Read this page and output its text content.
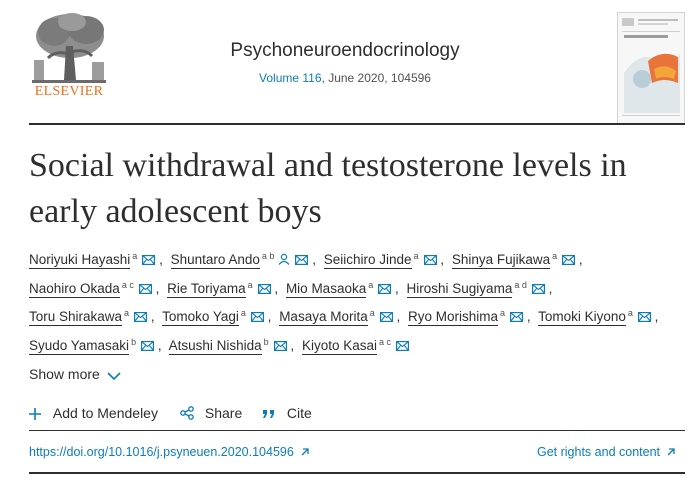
ELSEVIER
Psychoneuroendocrinology
Volume 116, June 2020, 104596
Social withdrawal and testosterone levels in early adolescent boys
Noriyuki Hayashi $^a$ , Shuntaro Ando $^{a b}$	, Seiichiro Jinde $^a$ , Shinya Fujikawa $^a$ ,
Naohiro Okada $^{a c}$ , Rie Toriyama $^a$ , Mio Masaoka $^a$ , Hiroshi Sugiyama $^{a d}$ ,
Toru Shirakawa $^a$ , Tomoko Yagi $^a$ , Masaya Morita $^a$ , Ryo Morishima $^a$ , Tomoki Kiyono $^a$ ,
Syudo Yamasaki $^b$ , Atsushi Nishida $^b$ , Kiyoto Kasai $^{a c}$
Show more
Add to Mendeley	Share	Cite
https://doi.org/10.1016/j.psyneuen.2020.104596	Get rights and content
